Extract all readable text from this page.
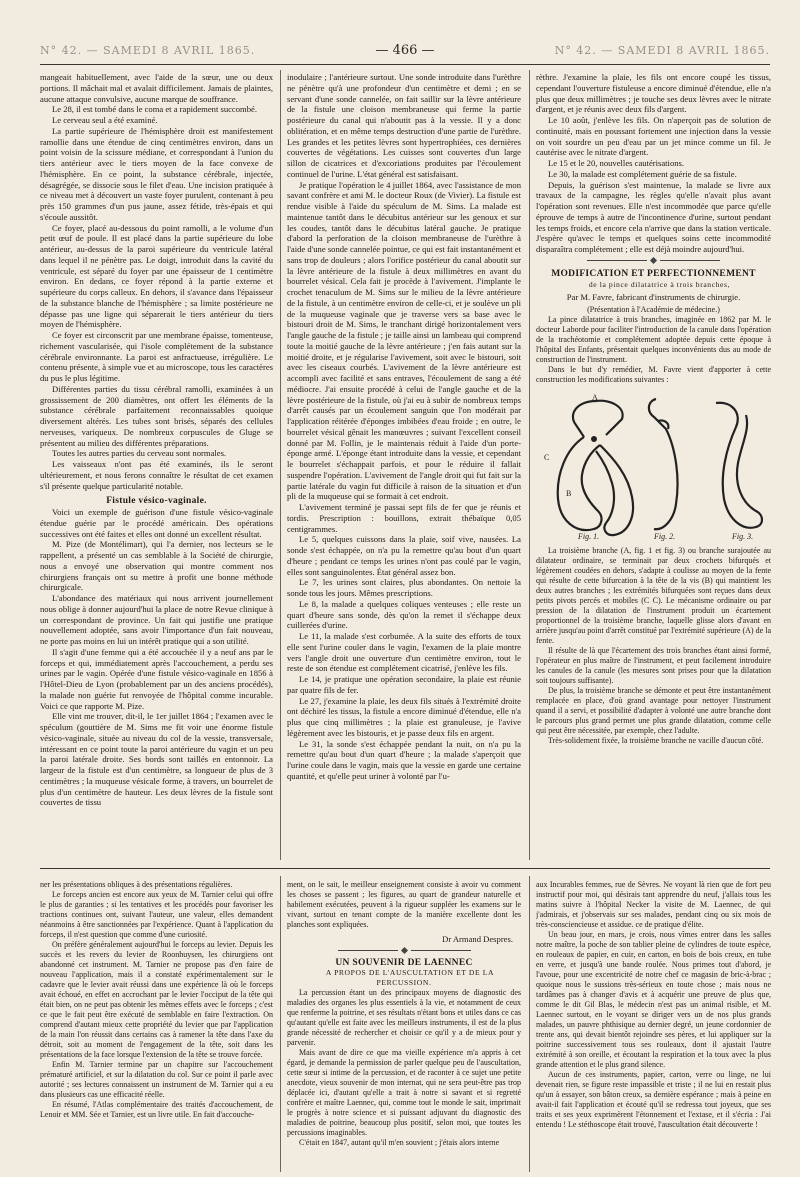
N° 42. — SAMEDI 8 AVRIL 1865.	— 466 —	N° 42. — SAMEDI 8 AVRIL 1865.

mangeait habituellement, avec l'aide de la sœur, une ou deux portions. Il mâchait mal et avalait difficilement. Jamais de plaintes, aucune attaque convulsive, aucune marque de souffrance.

Le 28, il est tombé dans le coma et a rapidement succombé.

Le cerveau seul a été examiné.

La partie supérieure de l'hémisphère droit est manifestement ramollie dans une étendue de cinq centimètres environ, dans un point voisin de la scissure médiane, et correspondant à l'union du tiers antérieur avec le tiers moyen de la face convexe de l'hémisphère. En ce point, la substance cérébrale, injectée, désagrégée, se dissocie sous le filet d'eau. Une incision pratiquée à ce niveau met à découvert un vaste foyer purulent, contenant à peu près 150 grammes d'un pus jaune, assez fétide, très-épais et qui s'écoule aussitôt.

Ce foyer, placé au-dessous du point ramolli, a le volume d'un petit œuf de poule. Il est placé dans la partie supérieure du lobe antérieur, au-dessus de la paroi supérieure du ventricule latéral dans lequel il ne pénètre pas. Le doigt, introduit dans la cavité du ventricule, est séparé du foyer par une épaisseur de 1 centimètre environ. En dedans, ce foyer répond à la partie externe et supérieure du corps calleux. En dehors, il s'avance dans l'épaisseur de la substance blanche de l'hémisphère ; sa limite postérieure ne dépasse pas une ligne qui séparerait le tiers antérieur du tiers moyen de l'hémisphère.

Ce foyer est circonscrit par une membrane épaisse, tomenteuse, richement vascularisée, qui l'isole complétement de la substance cérébrale environnante. La paroi est anfractueuse, irrégulière. Le contenu présente, à simple vue et au microscope, tous les caractères du pus le plus légitime.

Différentes parties du tissu cérébral ramolli, examinées à un grossissement de 200 diamètres, ont offert les éléments de la substance cérébrale parfaitement reconnaissables quoique diversement altérés. Les tubes sont brisés, séparés des cellules nerveuses, variqueux. De nombreux corpuscules de Gluge se présentent au milieu des différentes préparations.

Toutes les autres parties du cerveau sont normales.

Les vaisseaux n'ont pas été examinés, ils le seront ultérieurement, et nous ferons connaître le résultat de cet examen s'il présente quelque particularité notable.

Fistule vésico-vaginale.

Voici un exemple de guérison d'une fistule vésico-vaginale étendue guérie par le procédé américain. Des opérations successives ont été faites et elles ont donné un excellent résultat.

M. Pize (de Montélimart), qui l'a dernier, nos lecteurs se le rappellent, a présenté un cas semblable à la Société de chirurgie, nous a envoyé une observation qui montre comment nos chirurgiens français ont su mettre à profit une bonne méthode chirurgicale.

L'abondance des matériaux qui nous arrivent journellement nous oblige à donner aujourd'hui la place de notre Revue clinique à un correspondant de province. Un fait qui justifie une pratique nouvellement adoptée, sans avoir l'importance d'un fait nouveau, ne porte pas moins en lui un intérêt pratique qui a son utilité.

Il s'agit d'une femme qui a été accouchée il y a neuf ans par le forceps et qui, immédiatement après l'accouchement, a perdu ses urines par le vagin. Opérée d'une fistule vésico-vaginale en 1856 à l'Hôtel-Dieu de Lyon (probablement par un des anciens procédés), la malade non guérie fut renvoyée de l'hôpital comme incurable. Voici ce que rapporte M. Pize.

Elle vint me trouver, dit-il, le 1er juillet 1864 ; l'examen avec le spéculum (gouttière de M. Sims me fit voir une énorme fistule vésico-vaginale, située au niveau du col de la vessie, transversale, intéressant en ce point toute la paroi antérieure du vagin et un peu la paroi latérale droite. Ses bords sont taillés en entonnoir. La largeur de la fistule est d'un centimètre, sa longueur de plus de 3 centimètres ; la muqueuse vésicale forme, à travers, un bourrelet de plus d'un centimètre de hauteur. Les deux lèvres de la fistule sont couvertes de tissu

inodulaire ; l'antérieure surtout. Une sonde introduite dans l'urèthre ne pénètre qu'à une profondeur d'un centimètre et demi ; en se servant d'une sonde cannelée, on fait saillir sur la lèvre antérieure de la fistule une cloison membraneuse qui ferme la partie postérieure du canal qui n'aboutit pas à la vessie. Il y a donc oblitération, et en même temps destruction d'une partie de l'urèthre. Les grandes et les petites lèvres sont hypertrophiées, ces dernières couvertes de végétations. Les cuisses sont couvertes d'un large sillon de cicatrices et d'excoriations produites par l'écoulement continuel de l'urine. L'état général est satisfaisant.

Je pratique l'opération le 4 juillet 1864, avec l'assistance de mon savant confrère et ami M. le docteur Roux (de Vivier). La fistule est rendue visible à l'aide du spéculum de M. Sims. La malade est maintenue tantôt dans le décubitus antérieur sur les genoux et sur les coudes, tantôt dans le décubitus latéral gauche. Je pratique d'abord la perforation de la cloison membraneuse de l'urèthre à l'aide d'une sonde cannelée pointue, ce qui est fait instantanément et sans trop de douleurs ; alors l'orifice postérieur du canal aboutit sur la lèvre antérieure de la fistule à deux millimètres en avant du bourrelet vésical. Cela fait je procède à l'avivement. J'implante le crochet tenaculum de M. Sims sur le milieu de la lèvre antérieure de la fistule, à un centimètre environ de celle-ci, et je soulève un pli de la muqueuse vaginale que je traverse vers sa base avec le bistouri droit de M. Sims, le tranchant dirigé horizontalement vers l'angle gauche de la fistule ; je taille ainsi un lambeau qui comprend toute la moitié gauche de la lèvre antérieure ; j'en fais autant sur la moitié droite, et je régularise l'avivement, soit avec le bistouri, soit avec les ciseaux courbés. L'avivement de la lèvre antérieure est accompli avec facilité et sans entraves, l'écoulement de sang a été médiocre. J'ai ensuite procédé à celui de l'angle gauche et de la lèvre postérieure de la fistule, où j'ai eu à subir de nombreux temps d'arrêt causés par un écoulement sanguin que l'on modérait par l'application réitérée d'éponges imbibées d'eau froide ; en outre, le bourrelet vésical gênait les manœuvres ; suivant l'excellent conseil donné par M. Follin, je le maintenais réduit à l'aide d'un porte-éponge armé. L'éponge étant introduite dans la vessie, et cependant le bourrelet s'échappait parfois, et pour le réduire il fallait suspendre l'opération. L'avivement de l'angle droit qui fut fait sur la partie latérale du vagin fut difficile à raison de la situation et d'un pli de la muqueuse qui se formait à cet endroit.

L'avivement terminé je passai sept fils de fer que je réunis et tordis. Prescription : bouillons, extrait thébaïque 0,05 centigrammes.

Le 5, quelques cuissons dans la plaie, soif vive, nausées. La sonde s'est échappée, on n'a pu la remettre qu'au bout d'un quart d'heure ; pendant ce temps les urines n'ont pas coulé par le vagin, elles sont sanguinolentes. État général assez bon.

Le 7, les urines sont claires, plus abondantes. On nettoie la sonde tous les jours. Mêmes prescriptions.

Le 8, la malade a quelques coliques venteuses ; elle reste un quart d'heure sans sonde, dès qu'on la remet il s'échappe deux cuillerées d'urine.

Le 11, la malade s'est corbumée. A la suite des efforts de toux elle sent l'urine couler dans le vagin, l'examen de la plaie montre vers l'angle droit une ouverture d'un centimètre environ, tout le reste de son étendue est complétement cicatrisé, j'enlève les fils.

Le 14, je pratique une opération secondaire, la plaie est réunie par quatre fils de fer.

Le 27, j'examine la plaie, les deux fils situés à l'extrémité droite ont déchiré les tissus, la fistule a encore diminué d'étendue, elle n'a plus que cinq millimètres ; la plaie est granuleuse, je l'avive légèrement avec les bistouris, et je passe deux fils en argent.

Le 31, la sonde s'est échappée pendant la nuit, on n'a pu la remettre qu'au bout d'un quart d'heure ; la malade s'aperçoit que l'urine coule dans le vagin, mais que la vessie en garde une certaine quantité, et qu'elle peut uriner à volonté par l'u-

rèthre. J'examine la plaie, les fils ont encore coupé les tissus, cependant l'ouverture fistuleuse a encore diminué d'étendue, elle n'a plus que deux millimètres ; je touche ses deux lèvres avec le nitrate d'argent, et je réunis avec deux fils d'argent.

Le 10 août, j'enlève les fils. On n'aperçoit pas de solution de continuité, mais en poussant fortement une injection dans la vessie on voit sourdre un peu d'eau par un jet mince comme un fil. Je cautérise avec le nitrate d'argent.

Le 15 et le 20, nouvelles cautérisations.

Le 30, la malade est complétement guérie de sa fistule.

Depuis, la guérison s'est maintenue, la malade se livre aux travaux de la campagne, les règles qu'elle n'avait plus avant l'opération sont revenues. Elle n'est incommodée que parce qu'elle éprouve de temps à autre de l'incontinence d'urine, surtout pendant les temps froids, et encore cela n'arrive que dans la station verticale. J'espère qu'avec le temps et quelques soins cette incommodité disparaîtra complétement ; elle est déjà moindre aujourd'hui.

MODIFICATION ET PERFECTIONNEMENT

de la pince dilatatrice à trois branches,

Par M. Favre, fabricant d'instruments de chirurgie.

(Présentation à l'Académie de médecine.)

La pince dilatatrice à trois branches, imaginée en 1862 par M. le docteur Laborde pour faciliter l'introduction de la canule dans l'opération de la trachéotomie et complétement adoptée depuis cette époque à l'hôpital des Enfants, présentait quelques inconvénients dus au mode de construction de l'instrument.

Dans le but d'y remédier, M. Favre vient d'apporter à cette construction les modifications suivantes :

B
C
A
Fig. 1.	Fig. 2.	Fig. 3.

La troisième branche (A, fig. 1 et fig. 3) ou branche surajoutée au dilatateur ordinaire, se terminait par deux crochets bifurqués et légèrement coudées en dehors, s'adapte à coulisse au moyen de la fente qui résulte de cette bifurcation à la tête de la vis (B) qui maintient les deux autres branches ; les extrémités bifurquées sont reçues dans deux petits pivots percés et mobiles (C C). Le mécanisme ordinaire ou par pression de la dilatation de l'instrument produit un écartement proportionnel de la troisième branche, laquelle glisse alors d'avant en arrière jusqu'au point d'arrêt constitué par l'extrémité supérieure (A) de la fente.

Il résulte de là que l'écartement des trois branches étant ainsi formé, l'opérateur en plus maître de l'instrument, et peut facilement introduire les canules de la canule (les mesures sont prises pour que la dilatation soit toujours suffisante).

De plus, la troisième branche se démonte et peut être instantanément remplacée en place, d'où grand avantage pour nettoyer l'instrument quand il a servi, et possibilité d'adapter à volonté une autre branche dont le parcours plus grand permet une plus grande dilatation, comme celle qui peut être nécessitée, par exemple, chez l'adulte.

Très-solidement fixée, la troisième branche ne vacille d'aucun côté.

ner les présentations obliques à des présentations régulières.

Le forceps ancien est encore aux yeux de M. Tarnier celui qui offre le plus de garanties ; si les tentatives et les procédés pour favoriser les tractions continues ont, suivant l'auteur, une valeur, elles demandent néanmoins à être sanctionnées par l'expérience. Quant à l'application du forceps, il n'est question que comme d'une curiosité.

On préfère généralement aujourd'hui le forceps au levier. Depuis les succès et les revers du levier de Roonhuysen, les chirurgiens ont abandonné cet instrument. M. Tarnier ne propose pas d'en faire de nouveau l'application, mais il a constaté expérimentalement sur le cadavre que le levier avait réussi dans une expérience là où le forceps avait échoué, en effet en accrochant par le levier l'occiput de la tête qui était bien, on ne peut pas obtenir les mêmes effets avec le forceps ; c'est ce que le fait peut être exécuté de semblable en faire l'extraction. On comprend d'autant mieux cette propriété du levier que par l'application de la main l'on réussit dans certains cas à ramener la tête dans l'axe du détroit, soit au moment de l'engagement de la tête, soit dans les présentations de la face lorsque l'extension de la tête se trouve forcée.

Enfin M. Tarnier termine par un chapitre sur l'accouchement prématuré artificiel, et sur la dilatation du col. Sur ce point il parle avec autorité ; ses lectures connaissent un instrument de M. Tarnier qui a eu dans plusieurs cas une efficacité réelle.

En résumé, l'Atlas complémentaire des traités d'accouchement, de Lenoir et MM. Sée et Tarnier, est un livre utile. En fait d'accouche-

ment, on le sait, le meilleur enseignement consiste à avoir vu comment les choses se passent ; les figures, au quart de grandeur naturelle et habilement exécutées, peuvent à la rigueur suppléer les examens sur le vivant, surtout en tenant compte de la manière excellente dont les planches sont expliquées.

Dr Armand Despres.

UN SOUVENIR DE LAENNEC

A PROPOS DE L'AUSCULTATION ET DE LA PERCUSSION.

La percussion étant un des principaux moyens de diagnostic des maladies des organes les plus essentiels à la vie, et notamment de ceux que renferme la poitrine, et ses résultats n'étant bons et utiles dans ce cas qu'autant qu'elle est faite avec les meilleurs instruments, il est de la plus grande nécessité de rechercher et choisir ce qu'il y a de mieux pour y parvenir.

Mais avant de dire ce que ma vieille expérience m'a appris à cet égard, je demande la permission de parler quelque peu de l'auscultation, cette sœur si intime de la percussion, et de raconter à ce sujet une petite anecdote, vieux souvenir de mon internat, qui ne sera peut-être pas trop déplacée ici, d'autant qu'elle a trait à notre si savant et si regretté confrère et maître Laennec, qui, comme tout le monde le sait, imprimait le progrès à notre science et si puissant adjuvant du diagnostic des maladies de poitrine, beaucoup plus positif, selon moi, que toutes les percussions imaginables.

C'était en 1847, autant qu'il m'en souvient ; j'étais alors interne

aux Incurables femmes, rue de Sèvres. Ne voyant là rien que de fort peu instructif pour moi, qui désirais tant apprendre du neuf, j'allais tous les matins suivre à l'hôpital Necker la visite de M. Laennec, de qui j'admirais, et j'observais sur ses malades, pendant cinq ou six mois de très-consciencieuse et assidue. ce de pratique d'élite.

Un beau jour, en mars, je crois, nous vîmes entrer dans les salles notre maître, la poche de son tablier pleine de cylindres de toute espèce, en rouleaux de papier, en cuir, en carton, en bois de bois creux, en tube en verre, et jusqu'à une bande roulée. Nous primes tout d'abord, je l'avoue, pour une excentricité de notre chef ce magasin de bric-à-brac ; quoique nous le sussions très-sérieux en toute chose ; mais nous ne tardâmes pas à changer d'avis et à acquérir une preuve de plus que, comme le dit Gil Blas, le médecin n'est pas un animal risible, et M. Laennec surtout, en le voyant se diriger vers un de nos plus grands malades, un pauvre phthisique au dernier degré, un jeune cordonnier de trente ans, qui devait bientôt rejoindre ses pères, et lui appliquer sur la poitrine successivement tous ses rouleaux, dont il ajustait l'autre extrémité à son oreille, et écoutant la respiration et la toux avec la plus grande attention et le plus grand silence.

Aucun de ces instruments, papier, carton, verre ou linge, ne lui devenait rien, se figure reste impassible et triste ; il ne lui en restait plus qu'un à essayer, son bâton creux, sa dernière espérance ; mais à peine en avait-il fait l'application et écouté qu'il se redressa tout joyeux, que ses traits et ses yeux exprimèrent l'étonnement et l'extase, et il s'écria : J'ai entendu ! Le stéthoscope était trouvé, l'auscultation était découverte !
